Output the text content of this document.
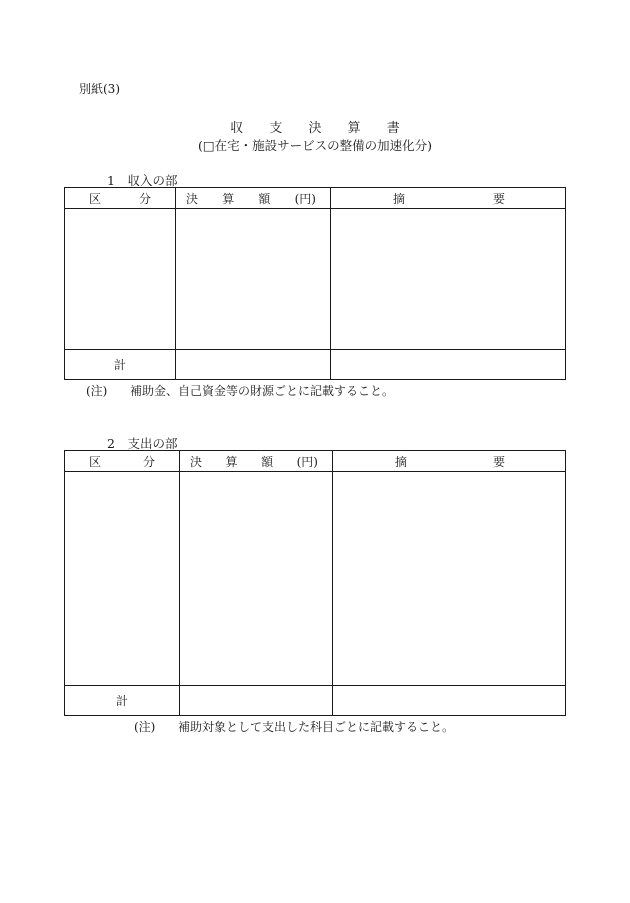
別紙(3)
収 支 決 算 書
(□在宅・施設サービスの整備の加速化分)
1　収入の部
区 分	決 算 額 (円)	摘 要

計		
(注) 補助金、自己資金等の財源ごとに記載すること。
2　支出の部
区 分	決 算 額 (円)	摘 要

計		
(注) 補助対象として支出した科目ごとに記載すること。
